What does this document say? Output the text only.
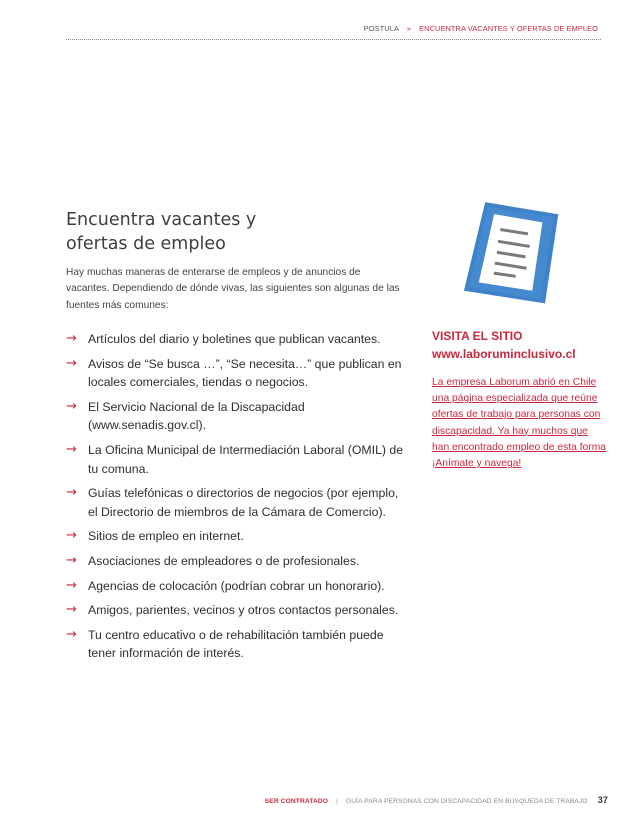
POSTULA » ENCUENTRA VACANTES Y OFERTAS DE EMPLEO
Encuentra vacantes y
ofertas de empleo

Hay muchas maneras de enterarse de empleos y de anuncios de vacantes. Dependiendo de dónde vivas, las siguientes son algunas de las fuentes más comunes:

→ Artículos del diario y boletines que publican vacantes.
→ Avisos de “Se busca …”, “Se necesita…” que publican en locales comerciales, tiendas o negocios.
→ El Servicio Nacional de la Discapacidad (www.senadis.gov.cl).
→ La Oficina Municipal de Intermediación Laboral (OMIL) de tu comuna.
→ Guías telefónicas o directorios de negocios (por ejemplo, el Directorio de miembros de la Cámara de Comercio).
→ Sitios de empleo en internet.
→ Asociaciones de empleadores o de profesionales.
→ Agencias de colocación (podrían cobrar un honorario).
→ Amigos, parientes, vecinos y otros contactos personales.
→ Tu centro educativo o de rehabilitación también puede tener información de interés.

VISITA EL SITIO

www.laboruminclusivo.cl

La empresa Laborum abrió en Chile una página especializada que reúne ofertas de trabajo para personas con discapacidad. Ya hay muchos que han encontrado empleo de esta forma ¡Anímate y navega!

SER CONTRATADO | GUÍA PARA PERSONAS CON DISCAPACIDAD EN BÚSQUEDA DE TRABAJO 37
